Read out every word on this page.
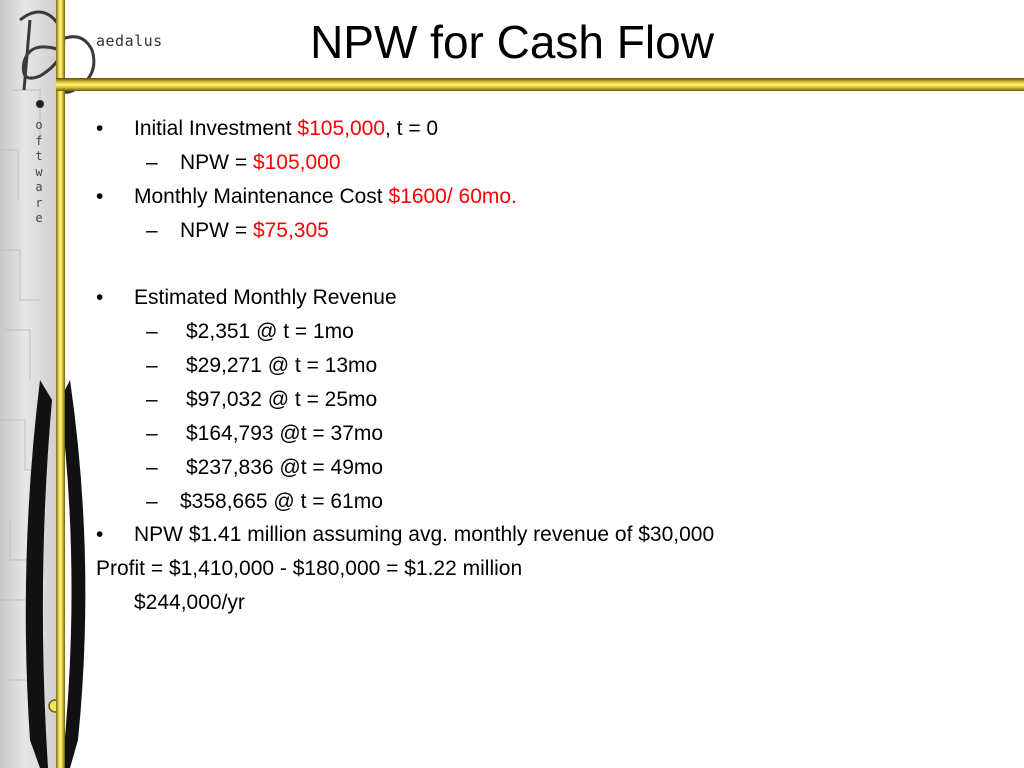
aedalus
o
f
t
w
a
r
e
NPW for Cash Flow
• Initial Investment $105,000, t = 0
– NPW = $105,000
• Monthly Maintenance Cost $1600/ 60mo.
– NPW = $75,305
• Estimated Monthly Revenue
– $2,351 @ t = 1mo
– $29,271 @ t = 13mo
– $97,032 @ t = 25mo
– $164,793 @t = 37mo
– $237,836 @t = 49mo
– $358,665 @ t = 61mo
• NPW $1.41 million assuming avg. monthly revenue of $30,000
Profit = $1,410,000 - $180,000 = $1.22 million
$244,000/yr
